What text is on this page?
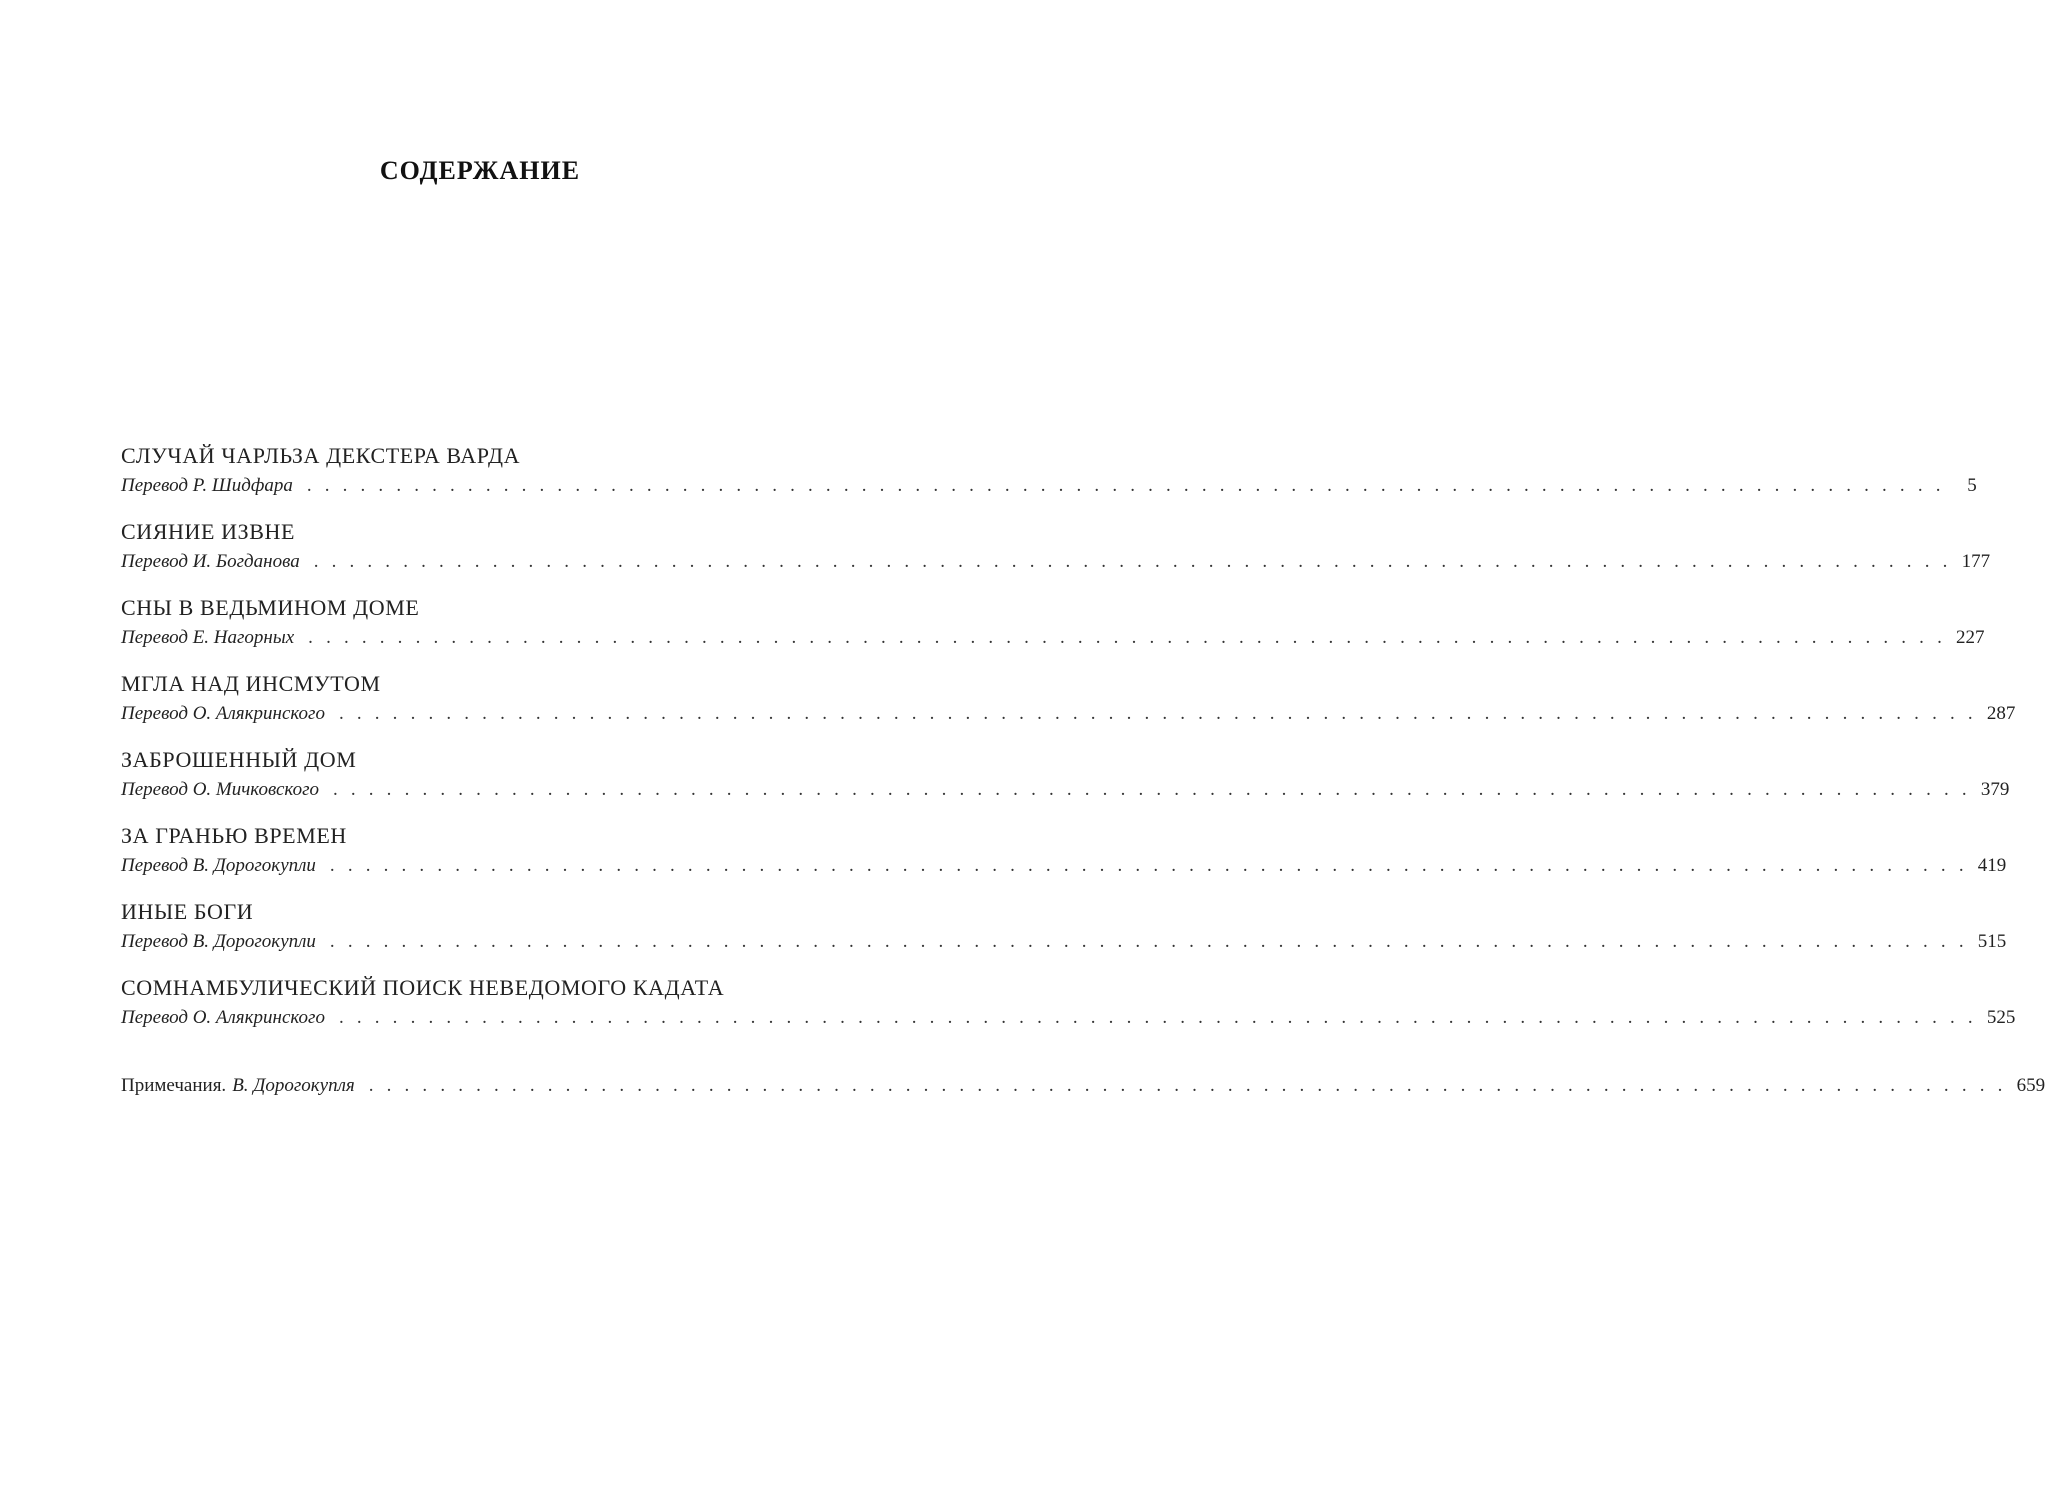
СОДЕРЖАНИЕ
СЛУЧАЙ ЧАРЛЬЗА ДЕКСТЕРА ВАРДА
Перевод Р. Шидфара . . . . . . . . . . . . . . . . . . . . . . . . . . . . . . . . . . . . . . . . . . . . . . . . . . . . . . . . . . . . . . . . . . . . . . . . . . . . . . . . . . . . . . . . . . . .	5
СИЯНИЕ ИЗВНЕ
Перевод И. Богданова . . . . . . . . . . . . . . . . . . . . . . . . . . . . . . . . . . . . . . . . . . . . . . . . . . . . . . . . . . . . . . . . . . . . . . . . . . . . . . . . . . . . . . . . . . . . 177
СНЫ В ВЕДЬМИНОМ ДОМЕ
Перевод Е. Нагорных . . . . . . . . . . . . . . . . . . . . . . . . . . . . . . . . . . . . . . . . . . . . . . . . . . . . . . . . . . . . . . . . . . . . . . . . . . . . . . . . . . . . . . . . . . . . 227
МГЛА НАД ИНСМУТОМ
Перевод О. Алякринского . . . . . . . . . . . . . . . . . . . . . . . . . . . . . . . . . . . . . . . . . . . . . . . . . . . . . . . . . . . . . . . . . . . . . . . . . . . . . . . . . . . . . . . . . . . . 287
ЗАБРОШЕННЫЙ ДОМ
Перевод О. Мичковского . . . . . . . . . . . . . . . . . . . . . . . . . . . . . . . . . . . . . . . . . . . . . . . . . . . . . . . . . . . . . . . . . . . . . . . . . . . . . . . . . . . . . . . . . . . . 379
ЗА ГРАНЬЮ ВРЕМЕН
Перевод В. Дорогокупли . . . . . . . . . . . . . . . . . . . . . . . . . . . . . . . . . . . . . . . . . . . . . . . . . . . . . . . . . . . . . . . . . . . . . . . . . . . . . . . . . . . . . . . . . . . . 419
ИНЫЕ БОГИ
Перевод В. Дорогокупли . . . . . . . . . . . . . . . . . . . . . . . . . . . . . . . . . . . . . . . . . . . . . . . . . . . . . . . . . . . . . . . . . . . . . . . . . . . . . . . . . . . . . . . . . . . . 515
СОМНАМБУЛИЧЕСКИЙ ПОИСК НЕВЕДОМОГО КАДАТА
Перевод О. Алякринского . . . . . . . . . . . . . . . . . . . . . . . . . . . . . . . . . . . . . . . . . . . . . . . . . . . . . . . . . . . . . . . . . . . . . . . . . . . . . . . . . . . . . . . . . . . . 525
Примечания. В. Дорогокупля . . . . . . . . . . . . . . . . . . . . . . . . . . . . . . . . . . . . . . . . . . . . . . . . . . . . . . . . . . . . . . . . . . . . . . . . . . . . . . . . . . . . . . . . . . . . 659
